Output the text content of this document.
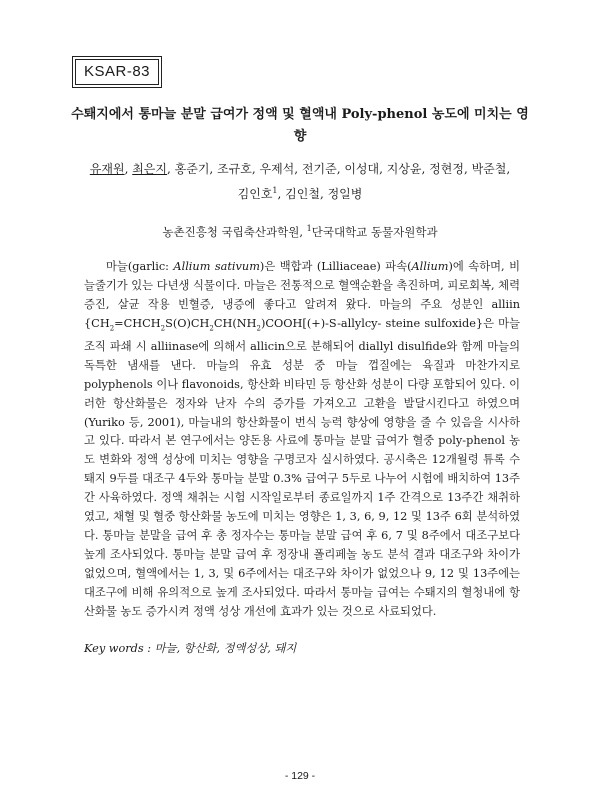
KSAR-83
수퇘지에서 통마늘 분말 급여가 정액 및 혈액내 Poly-phenol 농도에 미치는 영향
유재원, 최은지, 홍준기, 조규호, 우제석, 전기준, 이성대, 지상윤, 정현정, 박준철,
김인호$^1$, 김인철, 정일병
농촌진흥청 국립축산과학원, $^1$단국대학교 동물자원학과

마늘(garlic: Allium sativum)은 백합과 (Lilliaceae) 파속(Allium)에 속하며, 비늘줄기가 있는 다년생 식물이다. 마늘은 전통적으로 혈액순환을 촉진하며, 피로회복, 체력증진, 살균 작용 빈혈증, 냉증에 좋다고 알려져 왔다. 마늘의 주요 성분인 alliin {$CH_2=CHCH_2S(O)CH_2CH(NH_2)COOH[(+)-S-allylcy-$ steine sulfoxide}은 마늘 조직 파쇄 시 alliinase에 의해서 allicin으로 분해되어 diallyl disulfide와 함께 마늘의 독특한 냄새를 낸다. 마늘의 유효 성분 중 마늘 껍질에는 육질과 마찬가지로 polyphenols 이나 flavonoids, 항산화 비타민 등 항산화 성분이 다량 포함되어 있다. 이러한 항산화물은 정자와 난자 수의 증가를 가져오고 고환을 발달시킨다고 하였으며(Yuriko 등, 2001), 마늘내의 항산화물이 번식 능력 향상에 영향을 줄 수 있음을 시사하고 있다. 따라서 본 연구에서는 양돈용 사료에 통마늘 분말 급여가 혈중 poly-phenol 농도 변화와 정액 성상에 미치는 영향을 구명코자 실시하였다. 공시축은 12개월령 튜록 수퇘지 9두를 대조구 4두와 통마늘 분말 0.3% 급여구 5두로 나누어 시험에 배치하여 13주간 사육하였다. 정액 채취는 시험 시작일로부터 종료일까지 1주 간격으로 13주간 채취하였고, 채혈 및 혈중 항산화물 농도에 미치는 영향은 1, 3, 6, 9, 12 및 13주 6회 분석하였다. 통마늘 분말을 급여 후 총 정자수는 통마늘 분말 급여 후 6, 7 및 8주에서 대조구보다 높게 조사되었다. 통마늘 분말 급여 후 정장내 폴리페놀 농도 분석 결과 대조구와 차이가 없었으며, 혈액에서는 1, 3, 및 6주에서는 대조구와 차이가 없었으나 9, 12 및 13주에는 대조구에 비해 유의적으로 높게 조사되었다. 따라서 통마늘 급여는 수퇘지의 혈청내에 항산화물 농도 증가시켜 정액 성상 개선에 효과가 있는 것으로 사료되었다.

Key words : 마늘, 항산화, 정액성상, 돼지
- 129 -
